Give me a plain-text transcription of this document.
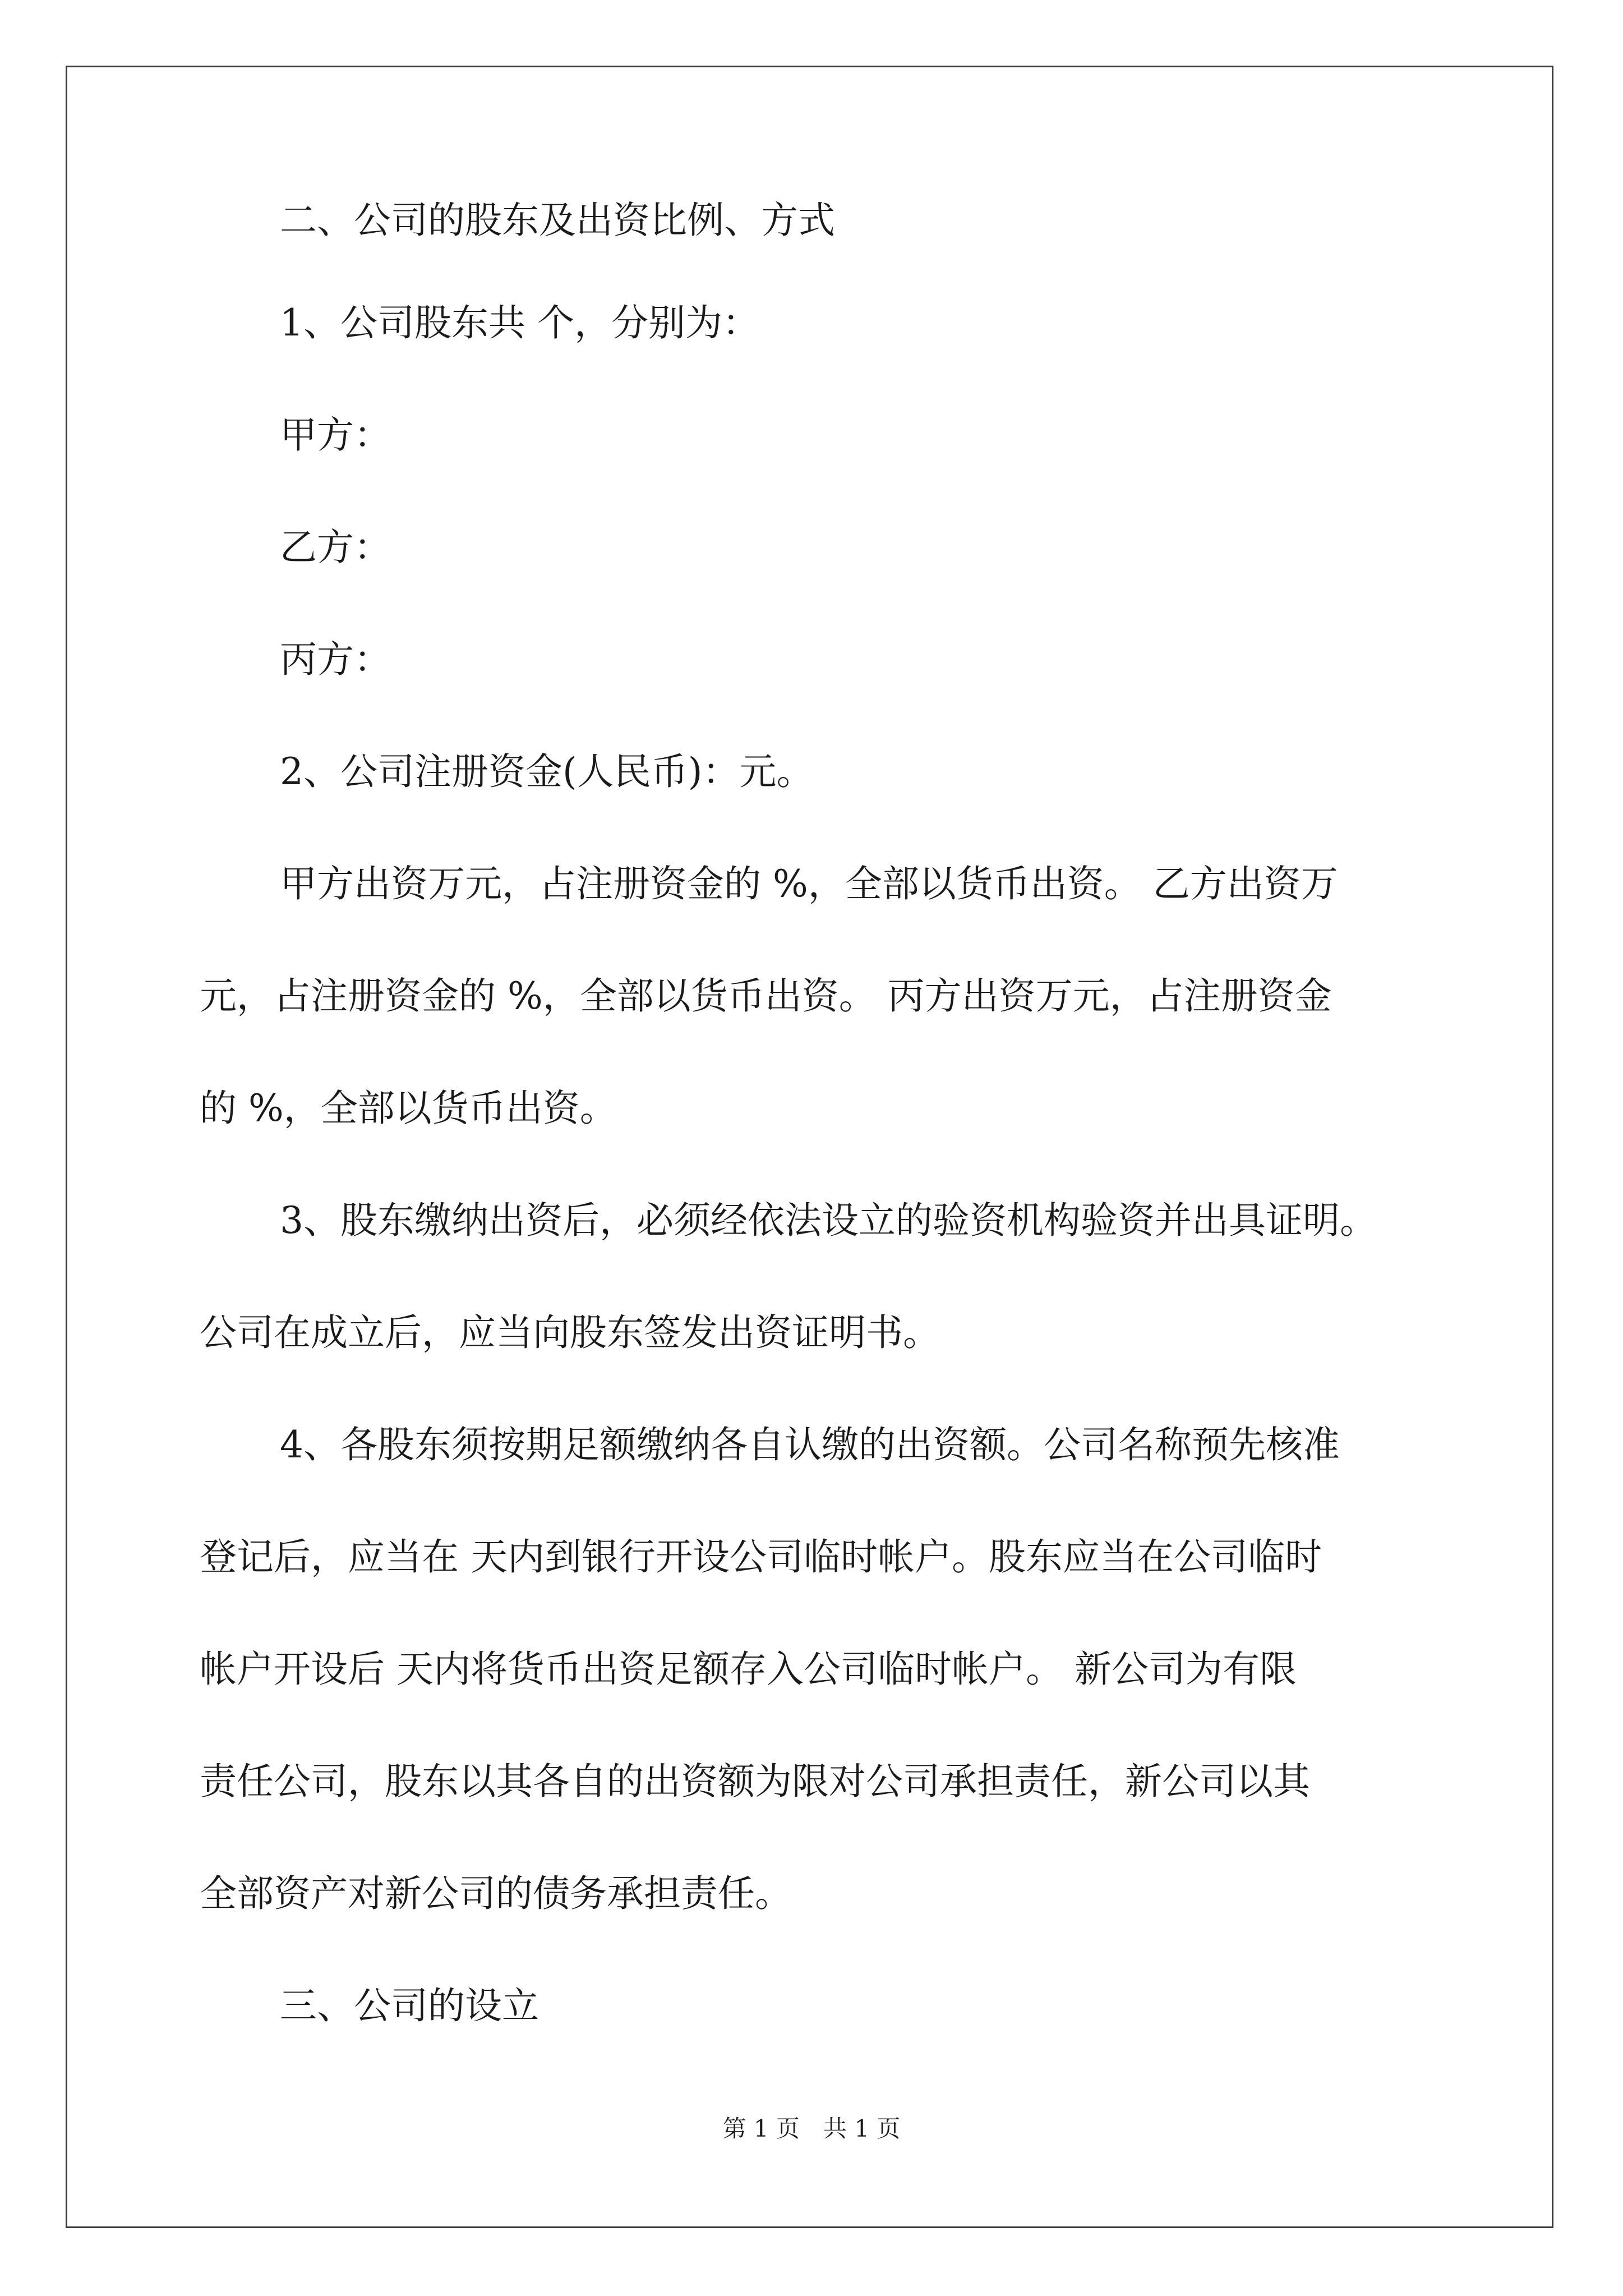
二、公司的股东及出资比例、方式
1、公司股东共 个，分别为：
甲方：
乙方：
丙方：
2、公司注册资金(人民币)：元。
甲方出资万元，占注册资金的 %，全部以货币出资。 乙方出资万
元，占注册资金的 %，全部以货币出资。 丙方出资万元，占注册资金
的 %，全部以货币出资。
3、股东缴纳出资后，必须经依法设立的验资机构验资并出具证明。
公司在成立后，应当向股东签发出资证明书。
4、各股东须按期足额缴纳各自认缴的出资额。公司名称预先核准
登记后，应当在 天内到银行开设公司临时帐户。股东应当在公司临时
帐户开设后 天内将货币出资足额存入公司临时帐户。 新公司为有限
责任公司，股东以其各自的出资额为限对公司承担责任，新公司以其
全部资产对新公司的债务承担责任。
三、公司的设立
第 1 页　共 1 页
